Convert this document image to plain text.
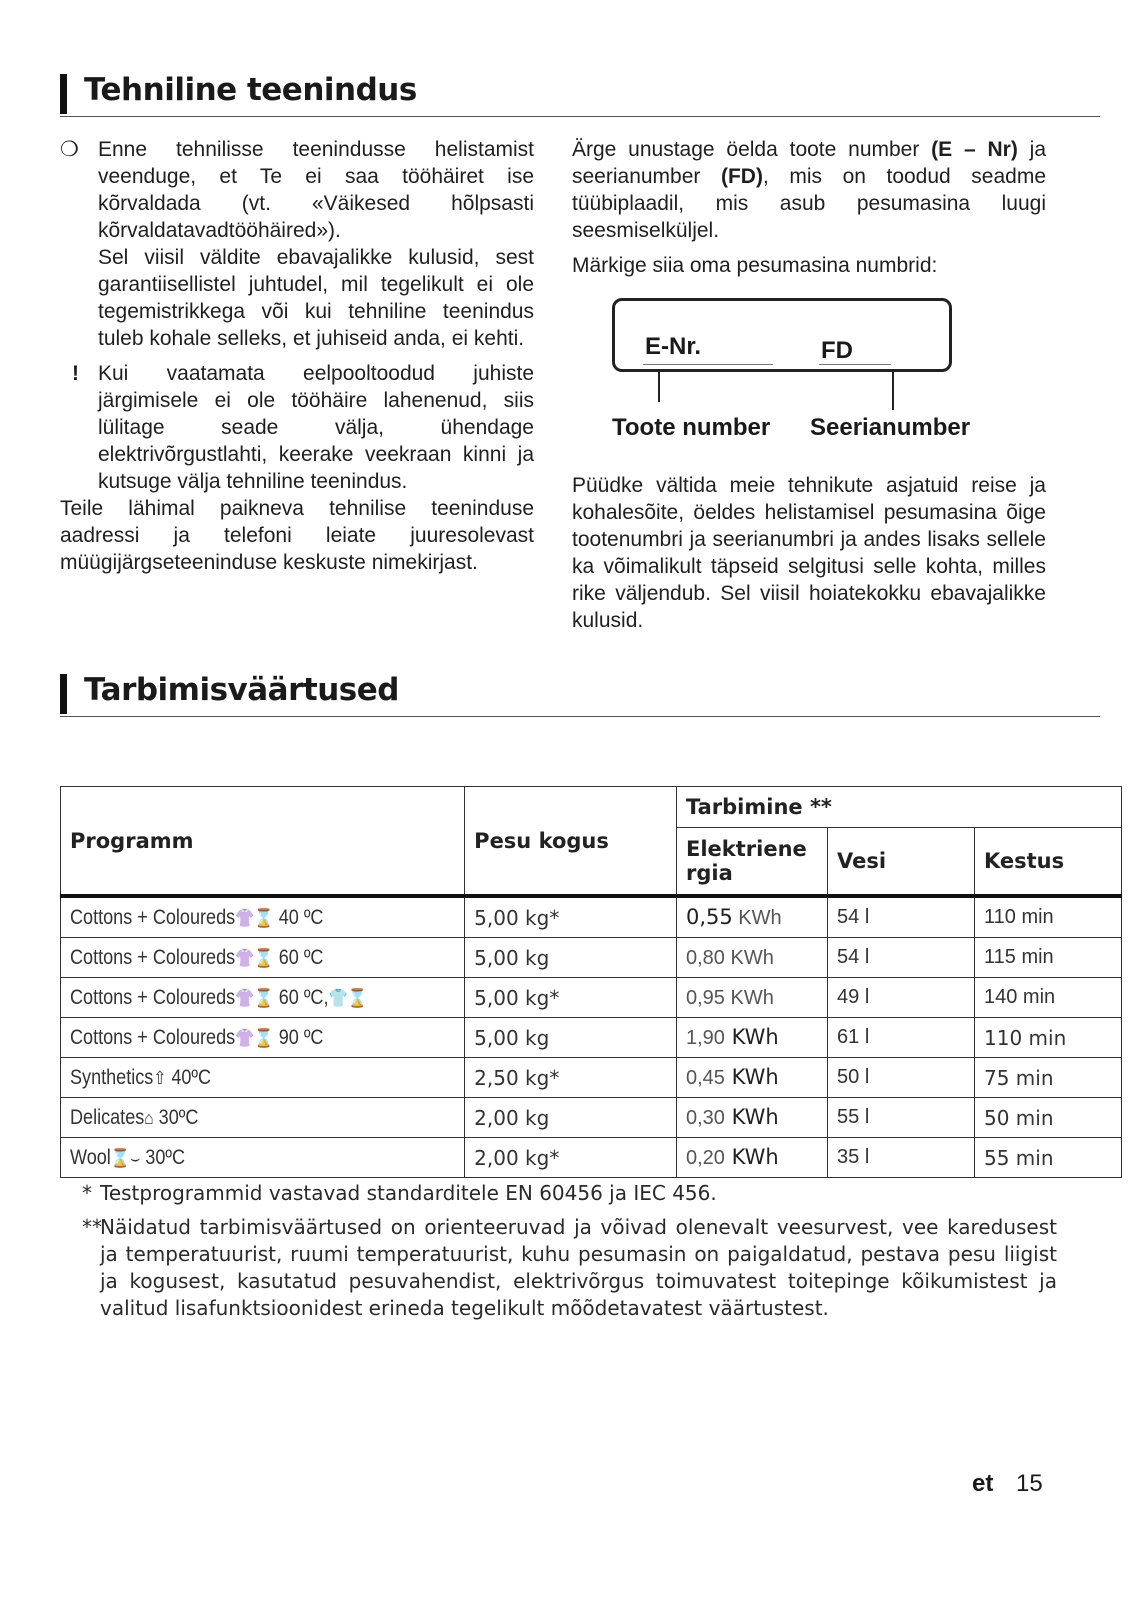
Tehniline teenindus
❍ Enne tehnilisse teenindusse helistamist veenduge, et Te ei saa tööhäiret ise kõrvaldada (vt. «Väikesed hõlpsasti kõrvaldatavadtööhäired»).

Sel viisil väldite ebavajalikke kulusid, sest garantiisellistel juhtudel, mil tegelikult ei ole tegemistrikkega või kui tehniline teenindus tuleb kohale selleks, et juhiseid anda, ei kehti.

! Kui vaatamata eelpooltoodud juhiste järgimisele ei ole tööhäire lahenenud, siis lülitage seade välja, ühendage elektrivõrgustlahti, keerake veekraan kinni ja kutsuge välja tehniline teenindus.

Teile lähimal paikneva tehnilise teeninduse aadressi ja telefoni leiate juuresolevast müügijärgseteeninduse keskuste nimekirjast.

Ärge unustage öelda toote number (E – Nr) ja seerianumber (FD), mis on toodud seadme tüübiplaadil, mis asub pesumasina luugi seesmiselküljel.

Märkige siia oma pesumasina numbrid:

E-Nr.	FD
Toote number Seerianumber

Püüdke vältida meie tehnikute asjatuid reise ja kohalesõite, öeldes helistamisel pesumasina õige tootenumbri ja seerianumbri ja andes lisaks sellele ka võimalikult täpseid selgitusi selle kohta, milles rike väljendub. Sel viisil hoiatekokku ebavajalikke kulusid.

Tarbimisväärtused
Programm	Pesu kogus	Tarbimine **		
		Elektriene rgia	Vesi	Kestus
Cottons + Coloureds👚⌛ 40 ºC	5,00 kg*	0,55 KWh	54 l	110 min
Cottons + Coloureds👚⌛ 60 ºC	5,00 kg	0,80 KWh	54 l	115 min
Cottons + Coloureds👚⌛ 60 ºC,👕⌛	5,00 kg*	0,95 KWh	49 l	140 min
Cottons + Coloureds👚⌛ 90 ºC	5,00 kg	1,90 KWh	61 l	110 min
Synthetics⇧ 40ºC	2,50 kg*	0,45 KWh	50 l	75 min
Delicates⌂ 30ºC	2,00 kg	0,30 KWh	55 l	50 min
Wool⌛⌣ 30ºC	2,00 kg*	0,20 KWh	35 l	55 min
* Testprogrammid vastavad standarditele EN 60456 ja IEC 456.
**
Näidatud tarbimisväärtused on orienteeruvad ja võivad olenevalt veesurvest, vee karedusest ja temperatuurist, ruumi temperatuurist, kuhu pesumasin on paigaldatud, pestava pesu liigist ja kogusest, kasutatud pesuvahendist, elektrivõrgus toimuvatest toitepinge kõikumistest ja valitud lisafunktsioonidest erineda tegelikult mõõdetavatest väärtustest.
et 15
